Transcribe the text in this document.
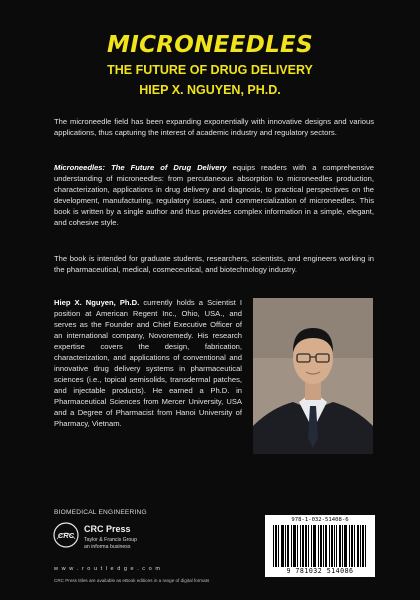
MICRONEEDLES
THE FUTURE OF DRUG DELIVERY
HIEP X. NGUYEN, PH.D.

The microneedle field has been expanding exponentially with innovative designs and various applications, thus capturing the interest of academic industry and regulatory sectors.

Microneedles: The Future of Drug Delivery equips readers with a comprehensive understanding of microneedles: from percutaneous absorption to microneedles production, characterization, applications in drug delivery and diagnosis, to practical perspectives on the development, manufacturing, regulatory issues, and commercialization of microneedles. This book is written by a single author and thus provides complex information in a simple, elegant, and cohesive style.

The book is intended for graduate students, researchers, scientists, and engineers working in the pharmaceutical, medical, cosmeceutical, and biotechnology industry.

Hiep X. Nguyen, Ph.D. currently holds a Scientist I position at American Regent Inc., Ohio, USA., and serves as the Founder and Chief Executive Officer of an international company, Novoremedy. His research expertise covers the design, fabrication, characterization, and applications of conventional and innovative drug delivery systems in pharmaceutical sciences (i.e., topical semisolids, transdermal patches, and injectable products). He earned a Ph.D. in Pharmaceutical Sciences from Mercer University, USA and a Degree of Pharmacist from Hanoi University of Pharmacy, Vietnam.

BIOMEDICAL ENGINEERING
CRC
CRC Press
Taylor & Francis Group
an informa business
w w w . r o u t l e d g e . c o m
CRC Press titles are available as eBook editions in a range of digital formats
978-1-032-51408-6
9 781032 514086
